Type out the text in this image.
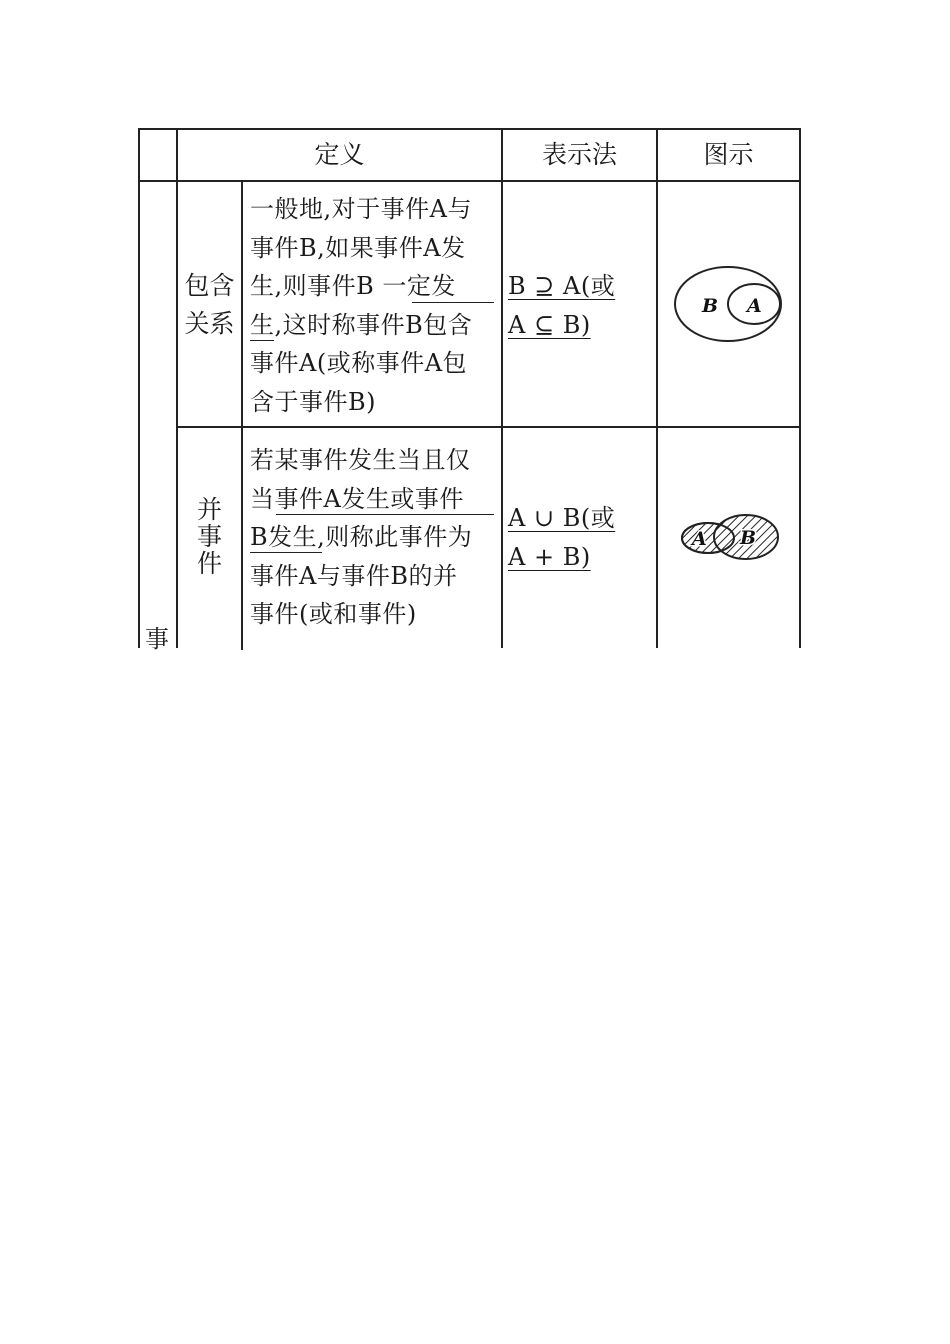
定义	表示法	图示
包含
关系
一般地,对于事件A与
事件B,如果事件A发
生,则事件B 一定发
生,这时称事件B包含
事件A(或称事件A包
含于事件B)
B ⊇ A(或
A ⊆ B)
B A
并
事
件
若某事件发生当且仅
当事件A发生或事件
B发生,则称此事件为
事件A与事件B的并
事件(或和事件)
A ∪ B(或
A + B)
A B
事
